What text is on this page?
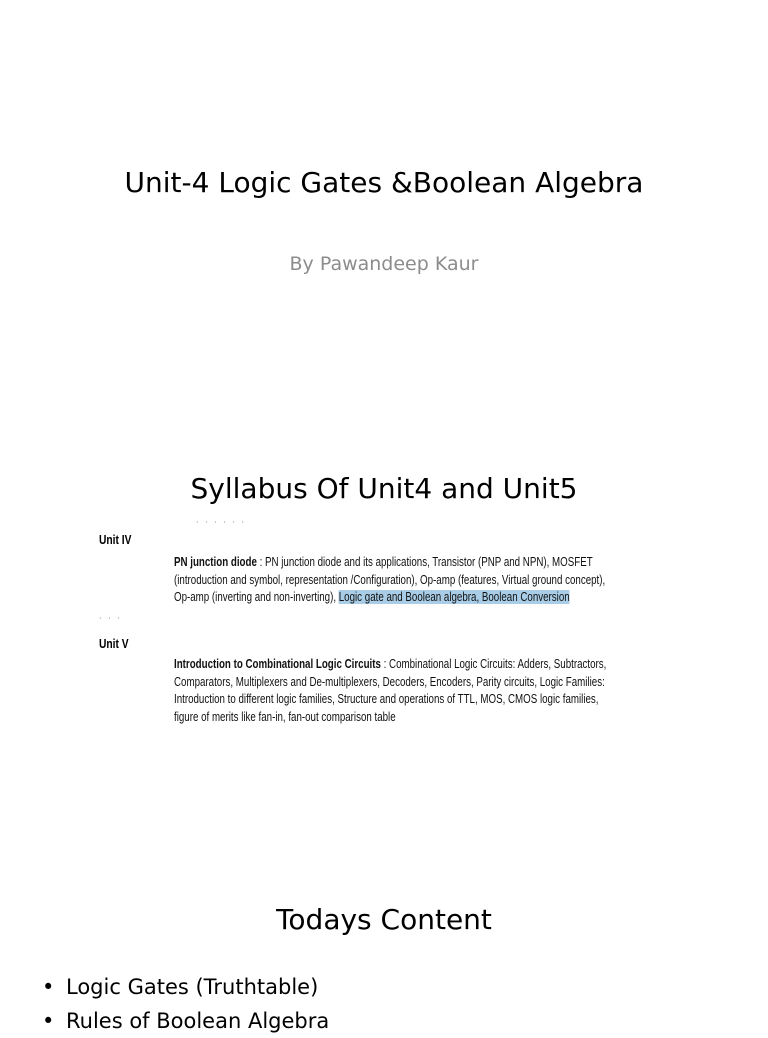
Unit-4 Logic Gates &Boolean Algebra
By Pawandeep Kaur
Syllabus Of Unit4 and Unit5
· · · · · ·
Unit IV
PN junction diode : PN junction diode and its applications, Transistor (PNP and NPN), MOSFET
(introduction and symbol, representation /Configuration), Op-amp (features, Virtual ground concept),
Op-amp (inverting and non-inverting), Logic gate and Boolean algebra, Boolean Conversion
· · ·
Unit V
Introduction to Combinational Logic Circuits : Combinational Logic Circuits: Adders, Subtractors,
Comparators, Multiplexers and De-multiplexers, Decoders, Encoders, Parity circuits, Logic Families:
Introduction to different logic families, Structure and operations of TTL, MOS, CMOS logic families,
figure of merits like fan-in, fan-out comparison table
Todays Content
• Logic Gates (Truthtable)
• Rules of Boolean Algebra
